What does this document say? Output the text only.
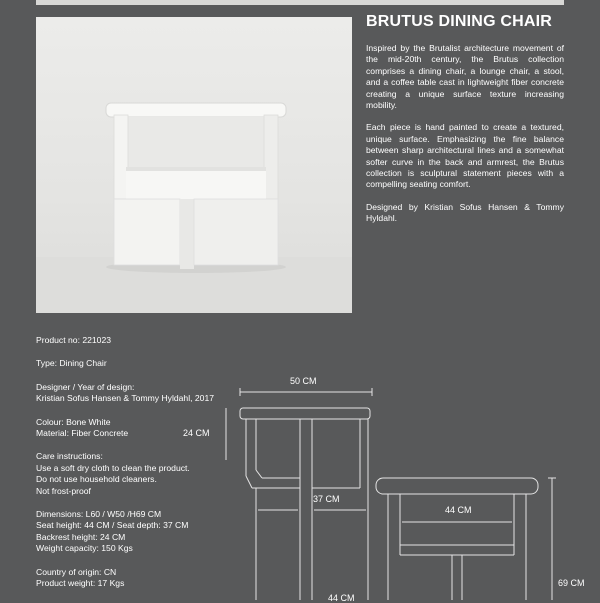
BRUTUS DINING CHAIR

Inspired by the Brutalist architecture movement of the mid-20th century, the Brutus collection comprises a dining chair, a lounge chair, a stool, and a coffee table cast in lightweight fiber concrete creating a unique surface texture increasing mobility.

Each piece is hand painted to create a textured, unique surface. Emphasizing the fine balance between sharp architectural lines and a somewhat softer curve in the back and armrest, the Brutus collection is sculptural statement pieces with a compelling seating comfort.

Designed by Kristian Sofus Hansen & Tommy Hyldahl.

Product no: 221023
Type: Dining Chair
Designer / Year of design:
Kristian Sofus Hansen & Tommy Hyldahl, 2017
Colour: Bone White
Material: Fiber Concrete
Care instructions:
Use a soft dry cloth to clean the product.
Do not use household cleaners.
Not frost-proof
Dimensions: L60 / W50 /H69 CM
Seat height: 44 CM / Seat depth: 37 CM
Backrest height: 24 CM
Weight capacity: 150 Kgs
Country of origin: CN
Product weight: 17 Kgs
50 CM
24 CM
37 CM
44 CM
69 CM
44 CM
